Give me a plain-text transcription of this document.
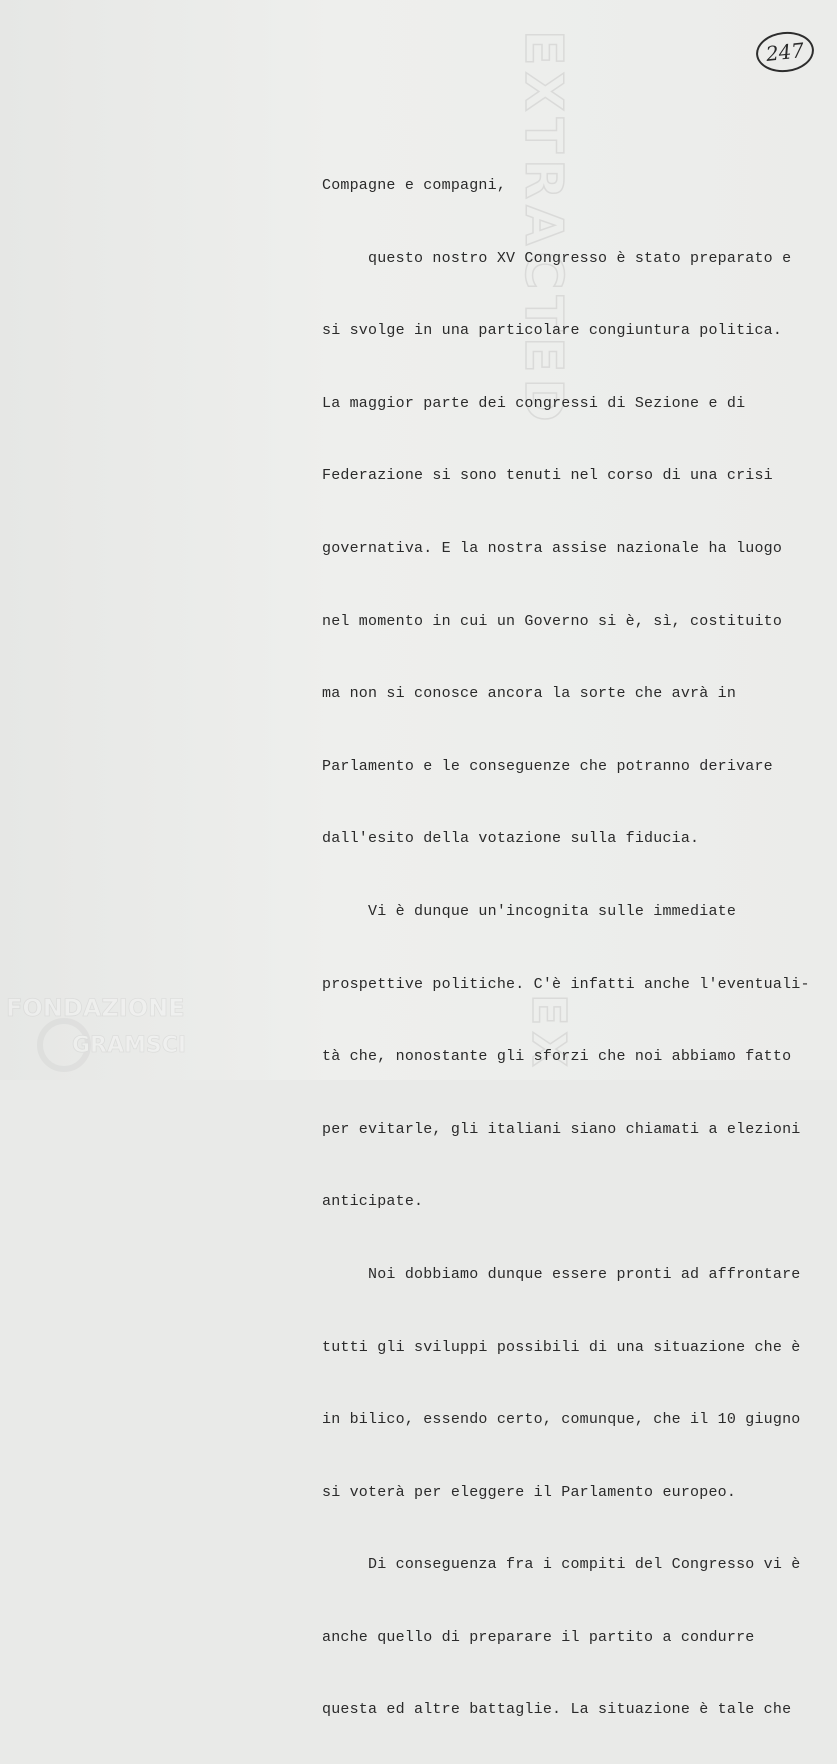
EXTRACTED
EX
247

Compagne e compagni,

questo nostro XV Congresso è stato preparato e

si svolge in una particolare congiuntura politica.

La maggior parte dei congressi di Sezione e di

Federazione si sono tenuti nel corso di una crisi

governativa. E la nostra assise nazionale ha luogo

nel momento in cui un Governo si è, sì, costituito

ma non si conosce ancora la sorte che avrà in

Parlamento e le conseguenze che potranno derivare

dall'esito della votazione sulla fiducia.

Vi è dunque un'incognita sulle immediate

prospettive politiche. C'è infatti anche l'eventuali-

tà che, nonostante gli sforzi che noi abbiamo fatto

per evitarle, gli italiani siano chiamati a elezioni

anticipate.

Noi dobbiamo dunque essere pronti ad affrontare

tutti gli sviluppi possibili di una situazione che è

in bilico, essendo certo, comunque, che il 10 giugno

si voterà per eleggere il Parlamento europeo.

Di conseguenza fra i compiti del Congresso vi è

anche quello di preparare il partito a condurre

questa ed altre battaglie. La situazione è tale che

FONDAZIONE
GRAMSCI
